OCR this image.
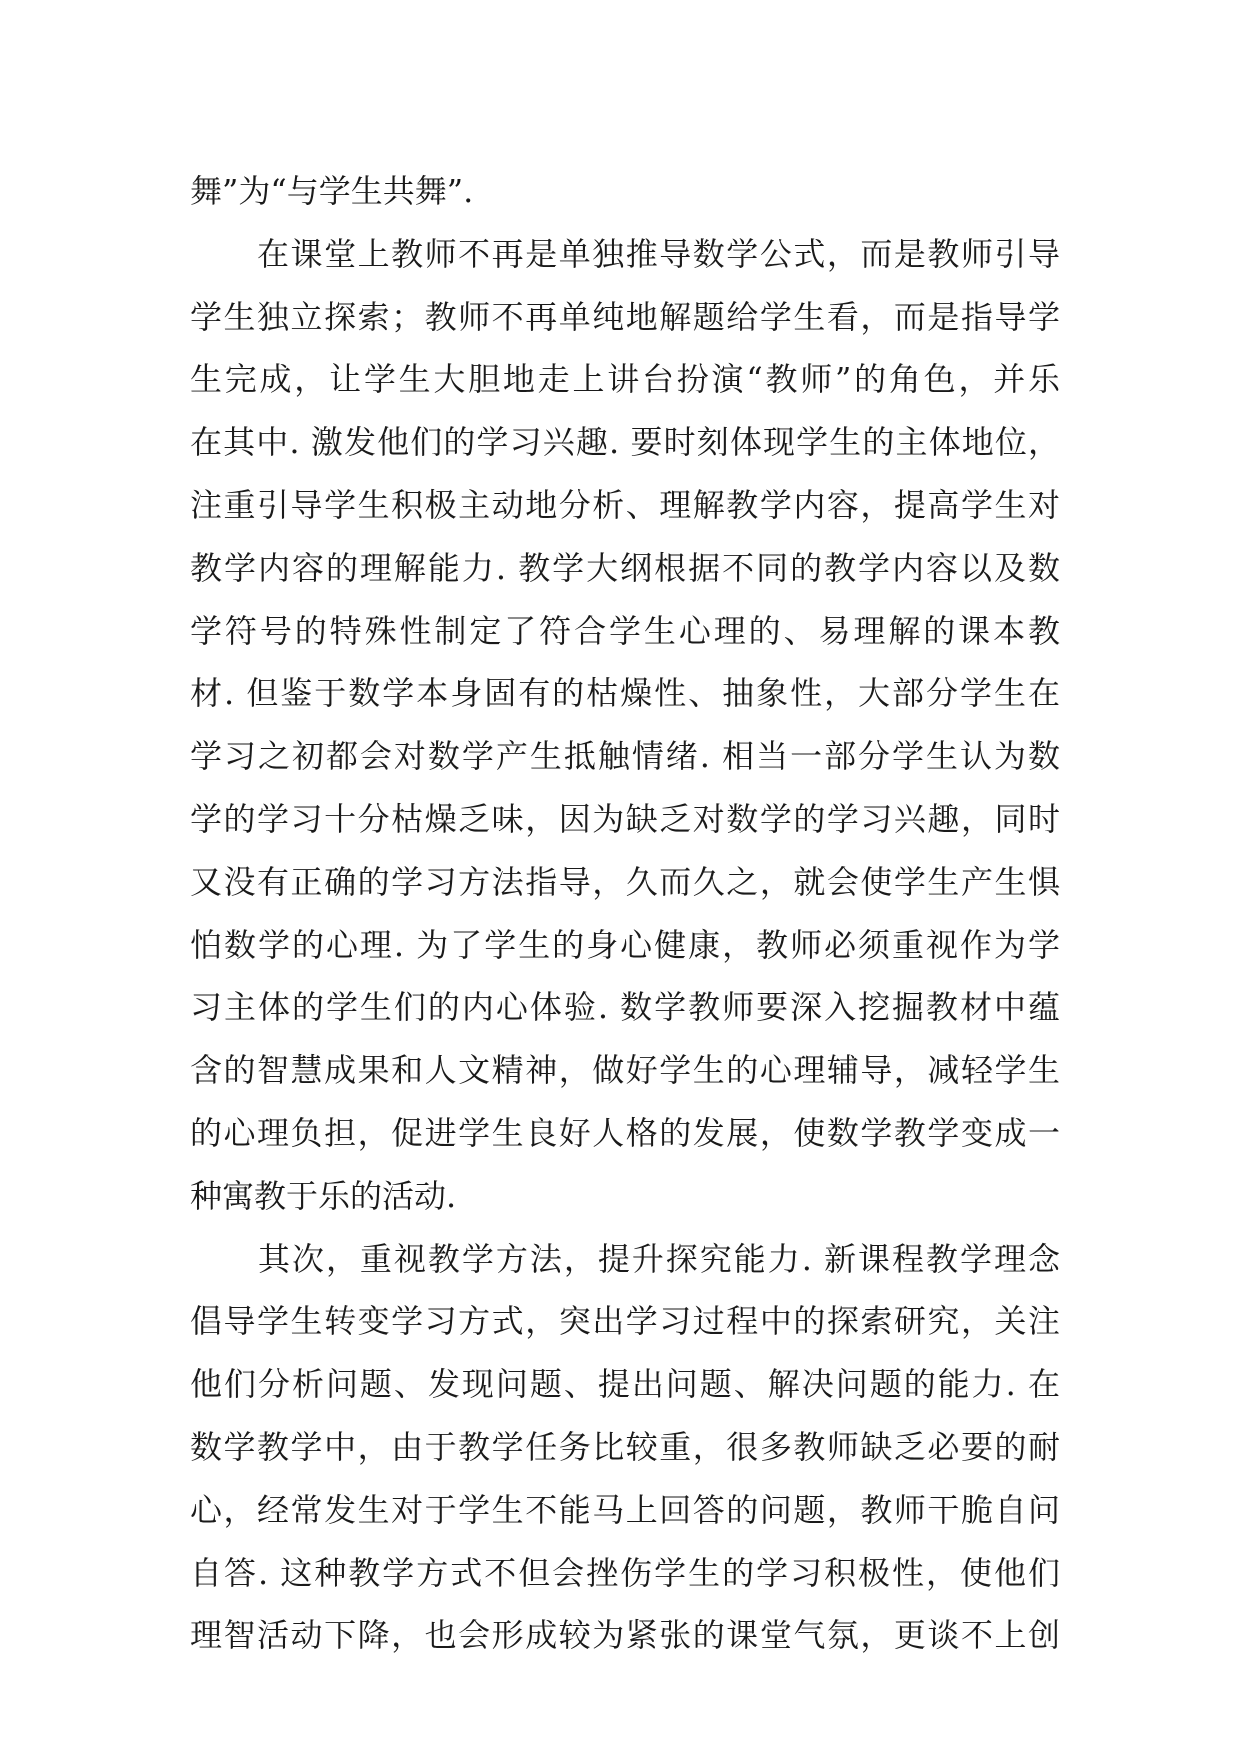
舞”为“与学生共舞”.
　　在课堂上教师不再是单独推导数学公式，而是教师引导
学生独立探索；教师不再单纯地解题给学生看，而是指导学
生完成，让学生大胆地走上讲台扮演“教师”的角色，并乐
在其中. 激发他们的学习兴趣. 要时刻体现学生的主体地位，
注重引导学生积极主动地分析、理解教学内容，提高学生对
教学内容的理解能力. 教学大纲根据不同的教学内容以及数
学符号的特殊性制定了符合学生心理的、易理解的课本教
材. 但鉴于数学本身固有的枯燥性、抽象性，大部分学生在
学习之初都会对数学产生抵触情绪. 相当一部分学生认为数
学的学习十分枯燥乏味，因为缺乏对数学的学习兴趣，同时
又没有正确的学习方法指导，久而久之，就会使学生产生惧
怕数学的心理. 为了学生的身心健康，教师必须重视作为学
习主体的学生们的内心体验. 数学教师要深入挖掘教材中蕴
含的智慧成果和人文精神，做好学生的心理辅导，减轻学生
的心理负担，促进学生良好人格的发展，使数学教学变成一
种寓教于乐的活动.
　　其次，重视教学方法，提升探究能力. 新课程教学理念
倡导学生转变学习方式，突出学习过程中的探索研究，关注
他们分析问题、发现问题、提出问题、解决问题的能力. 在
数学教学中，由于教学任务比较重，很多教师缺乏必要的耐
心，经常发生对于学生不能马上回答的问题，教师干脆自问
自答. 这种教学方式不但会挫伤学生的学习积极性，使他们
理智活动下降，也会形成较为紧张的课堂气氛，更谈不上创
